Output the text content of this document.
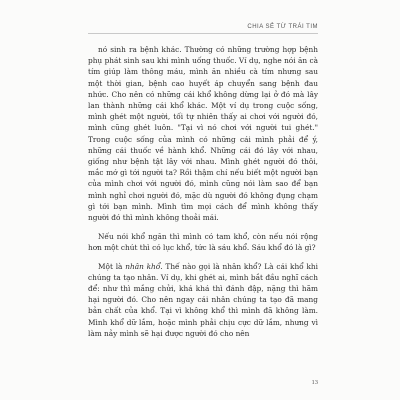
CHIA SẺ TỪ TRÁI TIM

nó sinh ra bệnh khác. Thường có những trường hợp bệnh phụ phát sinh sau khi mình uống thuốc. Ví dụ, nghe nói ăn cà tím giúp làm thông máu, mình ăn nhiều cà tím nhưng sau một thời gian, bệnh cao huyết áp chuyển sang bệnh đau nhức. Cho nên có những cái khổ không dừng lại ở đó mà lây lan thành những cái khổ khác. Một ví dụ trong cuộc sống, mình ghét một người, tối tự nhiên thấy ai chơi với người đó, mình cũng ghét luôn. "Tại vì nó chơi với người tui ghét." Trong cuộc sống của mình có những cái mình phải để ý, những cái thuốc về hành khổ. Những cái đó lây với nhau, giống như bệnh tật lây với nhau. Mình ghét người đó thôi, mắc mớ gì tới người ta? Rồi thậm chí nếu biết một người bạn của mình chơi với người đó, mình cũng nói làm sao để bạn mình nghỉ chơi người đó, mặc dù người đó không đụng chạm gì tới bạn mình. Mình tìm mọi cách để mình không thấy người đó thì mình không thoải mái.

Nếu nói khổ ngăn thì mình có tam khổ, còn nếu nói rộng hơn một chút thì có lục khổ, tức là sáu khổ. Sáu khổ đó là gì?

Một là nhân khổ. Thế nào gọi là nhân khổ? Là cái khổ khi chúng ta tạo nhân. Ví dụ, khi ghét ai, mình bắt đầu nghĩ cách để: như thì mắng chửi, khá khá thì đánh đập, nặng thì hãm hại người đó. Cho nên ngay cái nhân chúng ta tạo đã mang bản chất của khổ. Tại vì không khổ thì mình đã không làm. Mình khổ dữ lắm, hoặc mình phải chịu cực dữ lắm, nhưng vì làm nảy mình sẽ hại được người đó cho nên

13
